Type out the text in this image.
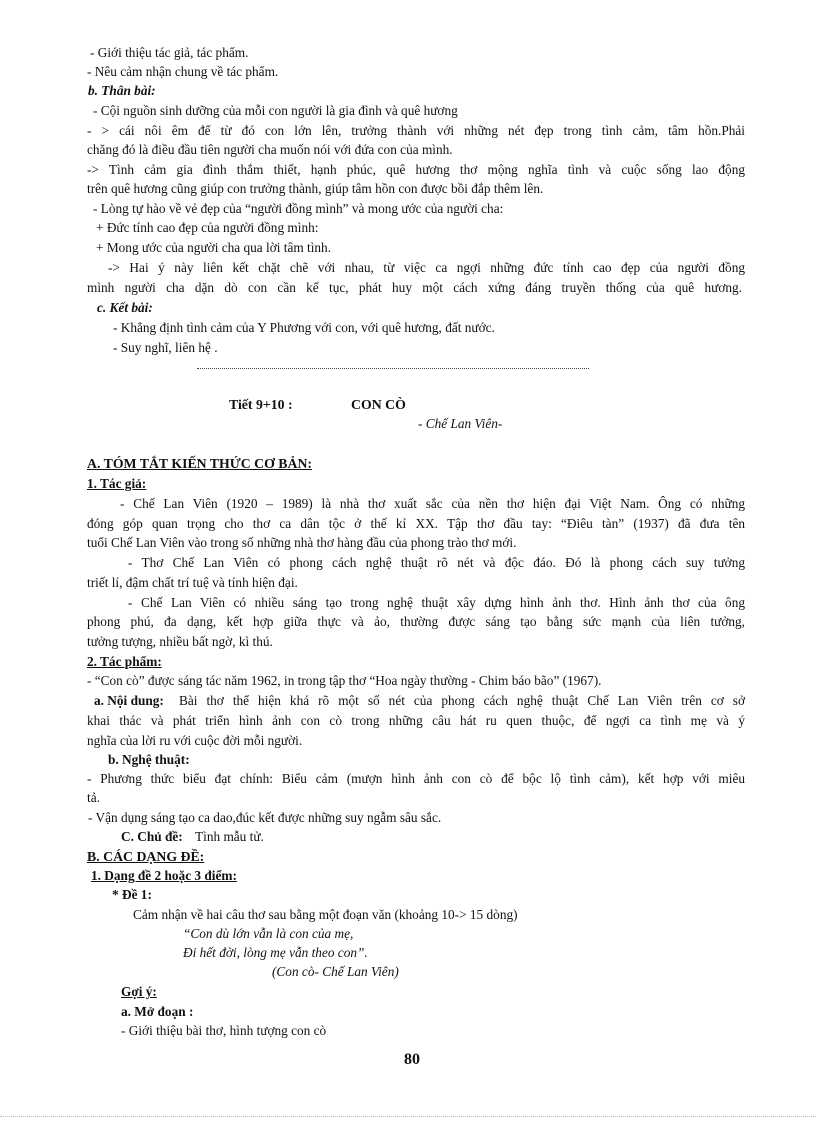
- Giới thiệu tác giả, tác phẩm.
- Nêu cảm nhận chung về tác phẩm.
b. Thân bài:
- Cội nguồn sinh dưỡng của mỗi con người là gia đình và quê hương
- > cái nôi êm để từ đó con lớn lên, trưởng thành với những nét đẹp trong tình cảm, tâm hồn.Phải
chăng đó là điều đầu tiên người cha muốn nói với đứa con của mình.
-> Tình cảm gia đình thắm thiết, hạnh phúc, quê hương thơ mộng nghĩa tình và cuộc sống lao động
trên quê hương cũng giúp con trưởng thành, giúp tâm hồn con được bồi đắp thêm lên.
- Lòng tự hào về vẻ đẹp của “người đồng mình” và mong ước của người cha:
+ Đức tính cao đẹp của người đồng mình:
+ Mong ước của người cha qua lời tâm tình.
-> Hai ý này liên kết chặt chẽ với nhau, từ việc ca ngợi những đức tính cao đẹp của người đồng
mình người cha dặn dò con cần kế tục, phát huy một cách xứng đáng truyền thống của quê hương.
c. Kết bài:
- Khẳng định tình cảm của Y Phương với con, với quê hương, đất nước.
- Suy nghĩ, liên hệ .
Tiết 9+10 :	CON CÒ
- Chế Lan Viên-
A. TÓM TẮT KIẾN THỨC CƠ BẢN:
1. Tác giả:
- Chế Lan Viên (1920 – 1989) là nhà thơ xuất sắc của nền thơ hiện đại Việt Nam. Ông có những
đóng góp quan trọng cho thơ ca dân tộc ở thế kỉ XX. Tập thơ đầu tay: “Điêu tàn” (1937) đã đưa tên
tuổi Chế Lan Viên vào trong số những nhà thơ hàng đầu của phong trào thơ mới.
- Thơ Chế Lan Viên có phong cách nghệ thuật rõ nét và độc đáo. Đó là phong cách suy tưởng
triết lí, đậm chất trí tuệ và tính hiện đại.
- Chế Lan Viên có nhiều sáng tạo trong nghệ thuật xây dựng hình ảnh thơ. Hình ảnh thơ của ông
phong phú, đa dạng, kết hợp giữa thực và ảo, thường được sáng tạo bằng sức mạnh của liên tưởng,
tưởng tượng, nhiều bất ngờ, kì thú.
2. Tác phẩm:
- “Con cò” được sáng tác năm 1962, in trong tập thơ “Hoa ngày thường - Chim báo bão” (1967).
a. Nội dung: Bài thơ thể hiện khá rõ một số nét của phong cách nghệ thuật Chế Lan Viên trên cơ sở
khai thác và phát triển hình ảnh con cò trong những câu hát ru quen thuộc, để ngợi ca tình mẹ và ý
nghĩa của lời ru với cuộc đời mỗi người.
b. Nghệ thuật:
- Phương thức biểu đạt chính: Biểu cảm (mượn hình ảnh con cò để bộc lộ tình cảm), kết hợp với miêu
tả.
- Vận dụng sáng tạo ca dao,đúc kết được những suy ngẫm sâu sắc.
C. Chủ đề: Tình mẫu tử.
B. CÁC DẠNG ĐỀ:
1. Dạng đề 2 hoặc 3 điểm:
* Đề 1:
Cảm nhận về hai câu thơ sau bằng một đoạn văn (khoảng 10-> 15 dòng)
“Con dù lớn vẫn là con của mẹ,
Đi hết đời, lòng mẹ vẫn theo con”.
(Con cò- Chế Lan Viên)
Gợi ý:
a. Mở đoạn :
- Giới thiệu bài thơ, hình tượng con cò
80
